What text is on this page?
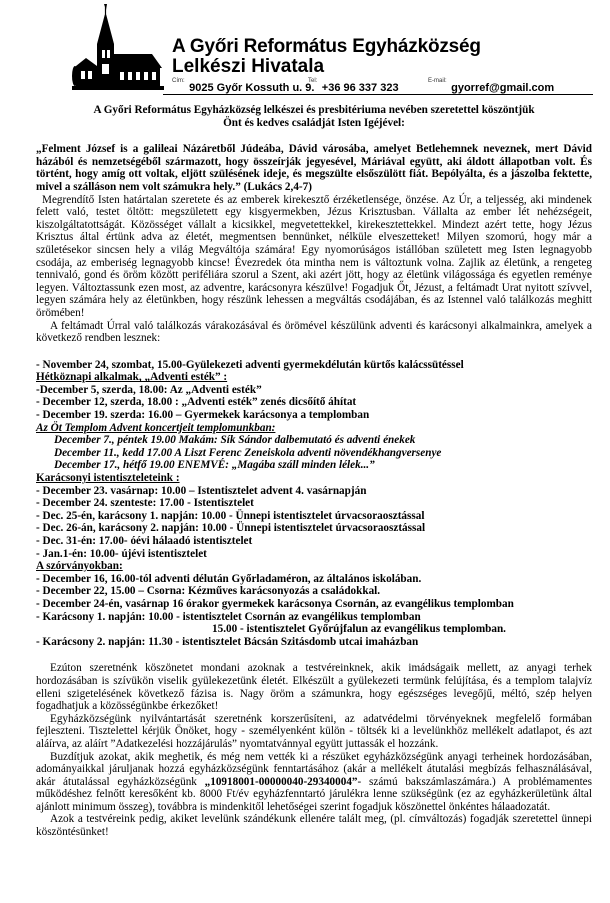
A Győri Református Egyházközség
Lelkészi Hivatala
$^{Cím:}$ 9025 Győr Kossuth u. 9.
$^{Tel:}$ +36 96 337 323
$^{E-mail:}$ gyorref@gmail.com

A Győri Református Egyházközség lelkészei és presbitériuma nevében szeretettel köszöntjük

Önt és kedves családját Isten Igéjével:

„Felment József is a galileai Názáretből Júdeába, Dávid városába, amelyet Betlehemnek neveznek, mert Dávid házából és nemzetségéből származott, hogy összeírják jegyesével, Máriával együtt, aki áldott állapotban volt. És történt, hogy amíg ott voltak, eljött szülésének ideje, és megszülte elsőszülött fiát. Bepólyálta, és a jászolba fektette, mivel a szálláson nem volt számukra hely.” (Lukács 2,4-7)

Megrendítő Isten határtalan szeretete és az emberek kirekesztő érzéketlensége, önzése. Az Úr, a teljesség, aki mindenek felett való, testet öltött: megszületett egy kisgyermekben, Jézus Krisztusban. Vállalta az ember lét nehézségeit, kiszolgáltatottságát. Közösséget vállalt a kicsikkel, megvetettekkel, kirekesztettekkel. Mindezt azért tette, hogy Jézus Krisztus által értünk adva az életét, megmentsen bennünket, nélküle elveszetteket! Milyen szomorú, hogy már a születésekor sincsen hely a világ Megváltója számára! Egy nyomorúságos istállóban született meg Isten legnagyobb csodája, az emberiség legnagyobb kincse! Évezredek óta mintha nem is változtunk volna. Zajlik az életünk, a rengeteg tennivaló, gond és öröm között periféliára szorul a Szent, aki azért jött, hogy az életünk világossága és egyetlen reménye legyen. Változtassunk ezen most, az adventre, karácsonyra készülve! Fogadjuk Őt, Jézust, a feltámadt Urat nyitott szívvel, legyen számára hely az életünkben, hogy részünk lehessen a megváltás csodájában, és az Istennel való találkozás meghitt örömében!

A feltámadt Úrral való találkozás várakozásával és örömével készülünk adventi és karácsonyi alkalmainkra, amelyek a következő rendben lesznek:

- November 24, szombat, 15.00-Gyülekezeti adventi gyermekdélután kürtős kalácssütéssel

Hétköznapi alkalmak, „Adventi esték” :

-December 5, szerda, 18.00: Az „Adventi esték”

- December 12, szerda, 18.00 : „Adventi esték” zenés dicsőítő áhítat

- December 19. szerda: 16.00 – Gyermekek karácsonya a templomban

Az Öt Templom Advent koncertjeit templomunkban:

December 7., péntek 19.00 Makám: Sík Sándor dalbemutató és adventi énekek

December 11., kedd 17.00 A Liszt Ferenc Zeneiskola adventi növendékhangversenye

December 17., hétfő 19.00 ENEMVÉ: „Magába száll minden lélek...”

Karácsonyi istentiszteleteink :

- December 23. vasárnap: 10.00 – Istentisztelet advent 4. vasárnapján

- December 24. szenteste: 17.00 - Istentisztelet

- Dec. 25-én, karácsony 1. napján: 10.00 - Ünnepi istentisztelet úrvacsoraosztással

- Dec. 26-án, karácsony 2. napján: 10.00 - Ünnepi istentisztelet úrvacsoraosztással

- Dec. 31-én: 17.00- óévi hálaadó istentisztelet

- Jan.1-én: 10.00- újévi istentisztelet

A szórványokban:

- December 16, 16.00-tól adventi délután Győrladaméron, az általános iskolában.

- December 22, 15.00 – Csorna: Kézműves karácsonyozás a családokkal.

- December 24-én, vasárnap 16 órakor gyermekek karácsonya Csornán, az evangélikus templomban

- Karácsony 1. napján: 10.00 - istentisztelet Csornán az evangélikus templomban

15.00 - istentisztelet Győrújfalun az evangélikus templomban.

- Karácsony 2. napján: 11.30 - istentisztelet Bácsán Szitásdomb utcai imaházban

Ezúton szeretnénk köszönetet mondani azoknak a testvéreinknek, akik imádságaik mellett, az anyagi terhek hordozásában is szívükön viselik gyülekezetünk életét. Elkészült a gyülekezeti termünk felújítása, és a templom talajvíz elleni szigetelésének következő fázisa is. Nagy öröm a számunkra, hogy egészséges levegőjű, méltó, szép helyen fogadhatjuk a közösségünkbe érkezőket!

Egyházközségünk nyilvántartását szeretnénk korszerűsíteni, az adatvédelmi törvényeknek megfelelő formában fejleszteni. Tisztelettel kérjük Önöket, hogy - személyenként külön - töltsék ki a levelünkhöz mellékelt adatlapot, és azt aláírva, az aláírt ”Adatkezelési hozzájárulás” nyomtatvánnyal együtt juttassák el hozzánk.

Buzdítjuk azokat, akik meghetik, és még nem vették ki a részüket egyházközségünk anyagi terheinek hordozásában, adományaikkal járuljanak hozzá egyházközségünk fenntartásához (akár a mellékelt átutalási megbízás felhasználásával, akár átutalással egyházközségünk „10918001-00000040-29340004”- számú bakszámlaszámára.) A problémamentes működéshez felnőtt keresőként kb. 8000 Ft/év egyházfenntartó járulékra lenne szükségünk (ez az egyházkerületünk által ajánlott minimum összeg), továbbra is mindenkitől lehetőségei szerint fogadjuk köszönettel önkéntes hálaadozatát.

Azok a testvéreink pedig, akiket levelünk szándékunk ellenére talált meg, (pl. címváltozás) fogadják szeretettel ünnepi köszöntésünket!
